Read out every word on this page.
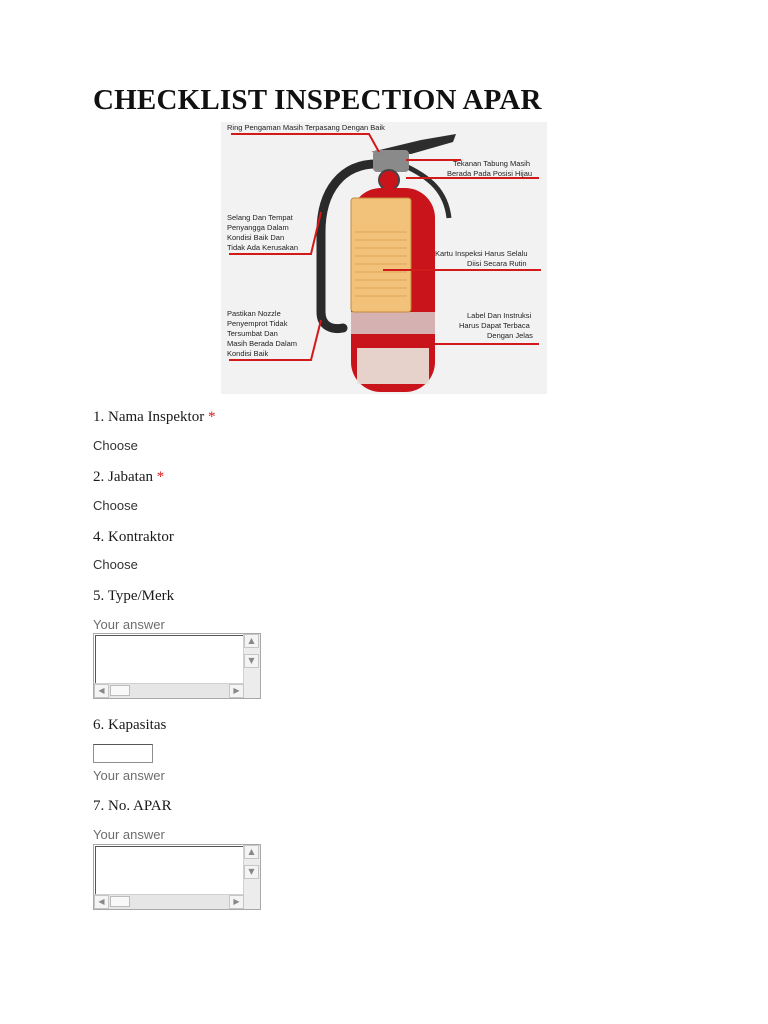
CHECKLIST INSPECTION APAR
Ring Pengaman Masih Terpasang Dengan Baik
Tekanan Tabung Masih
Berada Pada Posisi Hijau
Selang Dan Tempat
Penyangga Dalam
Kondisi Baik Dan
Tidak Ada Kerusakan
Kartu Inspeksi Harus Selalu
Diisi Secara Rutin
Pastikan Nozzle
Penyemprot Tidak
Tersumbat Dan
Masih Berada Dalam
Kondisi Baik
Label Dan Instruksi
Harus Dapat Terbaca
Dengan Jelas
1. Nama Inspektor *
Choose
2. Jabatan *
Choose
4. Kontraktor
Choose
5. Type/Merk
Your answer
▲
▼
◀	▶
6. Kapasitas
Your answer
7. No. APAR
Your answer
▲
▼
◀	▶
